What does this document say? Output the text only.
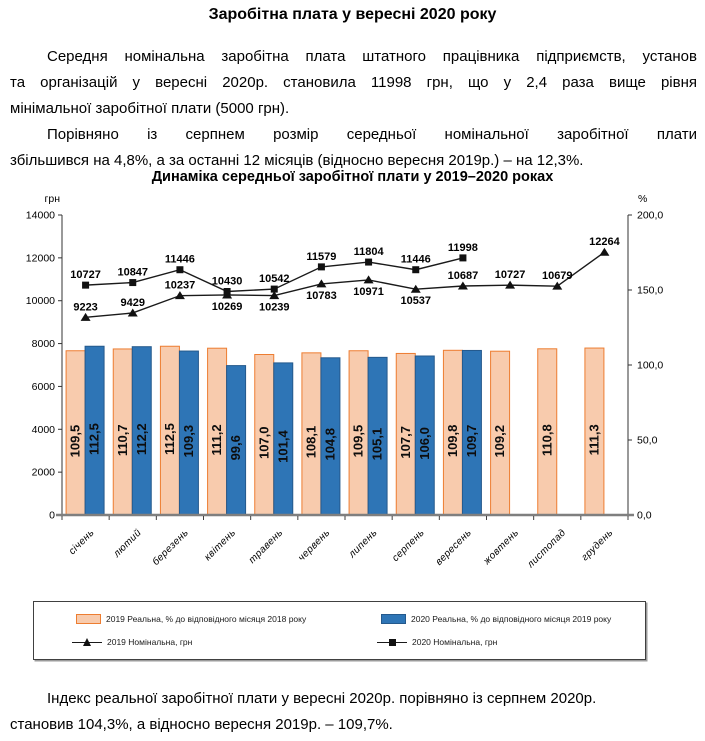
Заробітна плата у вересні 2020 року
Середня номінальна заробітна плата штатного працівника підприємств, установ
та організацій у вересні 2020р. становила 11998 грн, що у 2,4 раза вище рівня
мінімальної заробітної плати (5000 грн).
Порівняно із серпнем розмір середньої номінальної заробітної плати
збільшився на 4,8%, а за останні 12 місяців (відносно вересня 2019р.) – на 12,3%.
Динаміка середньої заробітної плати у 2019–2020 роках
0
2000
4000
6000
8000
10000
12000
14000
грн
0,0
50,0
100,0
150,0
200,0
%
109,5 110,7 112,5 111,2 107,0 108,1 109,5 107,7 109,8 109,2 110,8 111,3
112,5 112,2 109,3 99,6 101,4 104,8 105,1 106,0 109,7
9223 9429
10237
10269 10239
10783 10971
10537
10687 10727 10679
12264
10727 10847
11446
10430 10542
11579 11804
11446
11998
січень лютий березень квітень травень червень липень серпень вересень жовтень листопад грудень
2019 Реальна, % до відповідного місяця 2018 року	2020 Реальна, % до відповідного місяця 2019 року
2019 Номінальна, грн	2020 Номінальна, грн
Індекс реальної заробітної плати у вересні 2020р. порівняно із серпнем 2020р.
становив 104,3%, а відносно вересня 2019р. – 109,7%.
